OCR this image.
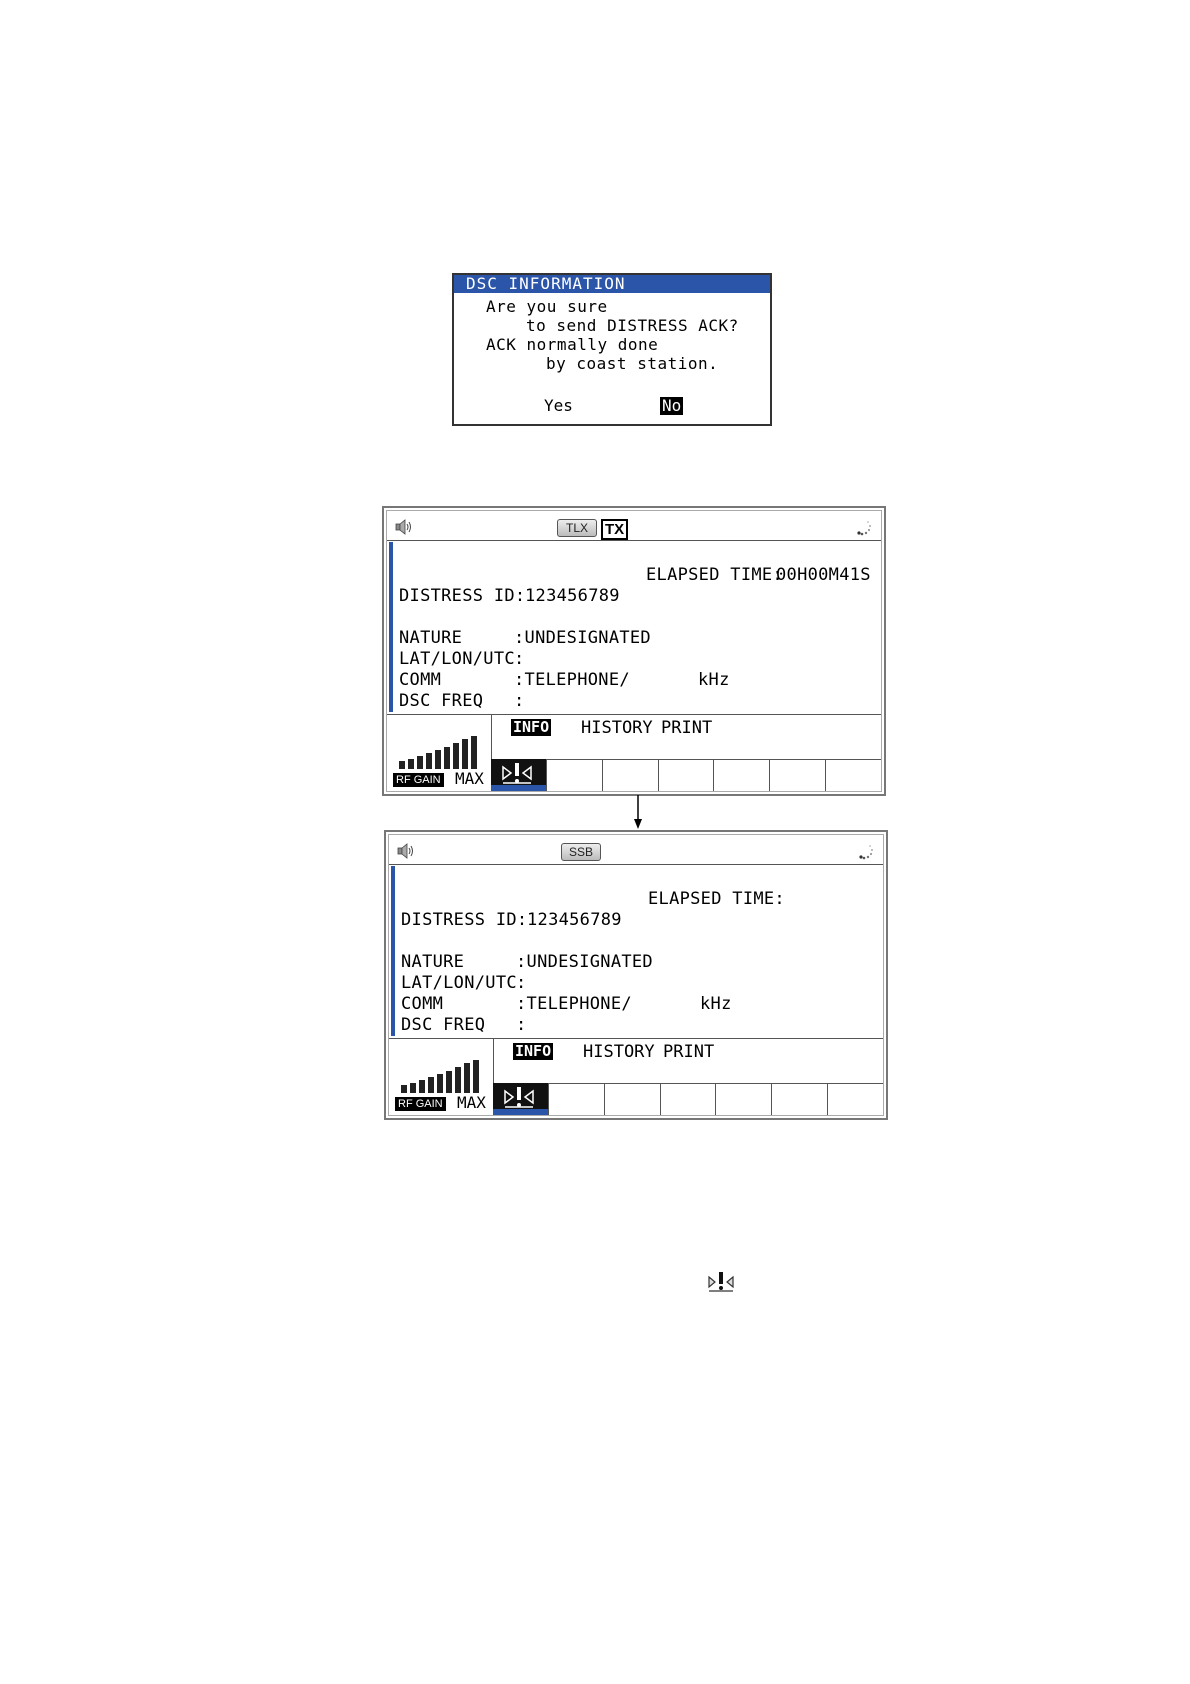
DSC INFORMATION
Are you sure
to send DISTRESS ACK?
ACK normally done
by coast station.
Yes	No
TLX	TX
ELAPSED TIME:
00H00M41S
DISTRESS ID: 123456789
NATURE	:UNDESIGNATED
LAT/LON/UTC :
COMM	:TELEPHONE/	kHz
DSC FREQ :
RF GAIN MAX
INFO HISTORY PRINT
SSB
ELAPSED TIME:
DISTRESS ID: 123456789
NATURE	:UNDESIGNATED
LAT/LON/UTC :
COMM	:TELEPHONE/	kHz
DSC FREQ :
RF GAIN MAX
INFO HISTORY PRINT
